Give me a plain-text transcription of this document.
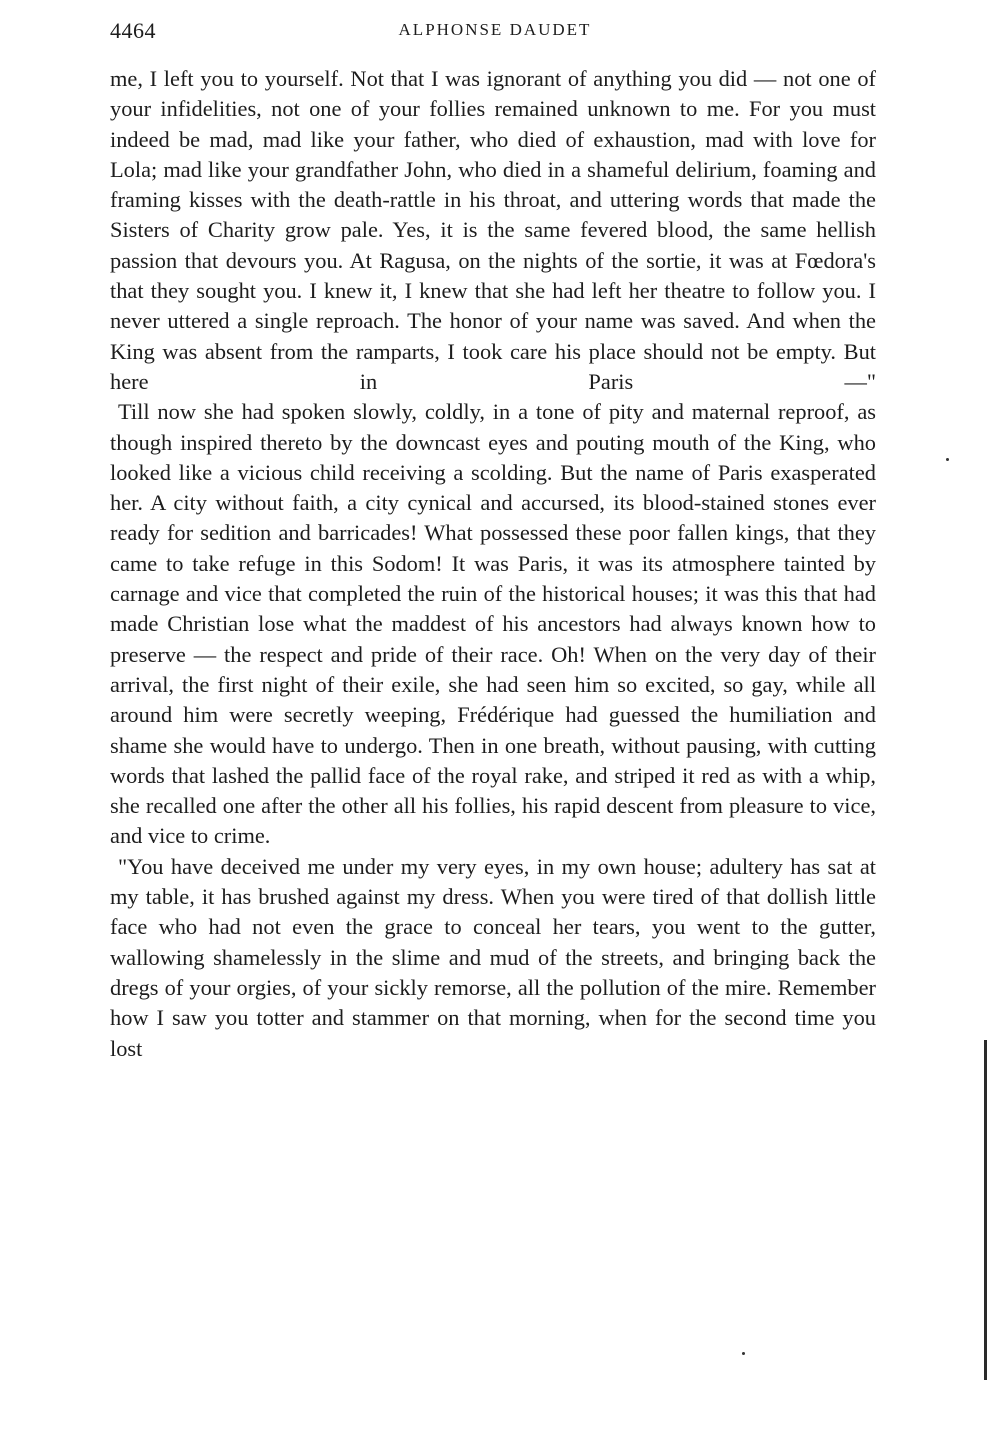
4464	ALPHONSE DAUDET

me, I left you to yourself. Not that I was ignorant of anything you did — not one of your infidelities, not one of your follies remained unknown to me. For you must indeed be mad, mad like your father, who died of exhaustion, mad with love for Lola; mad like your grandfather John, who died in a shameful delirium, foaming and framing kisses with the death-rattle in his throat, and uttering words that made the Sisters of Charity grow pale. Yes, it is the same fevered blood, the same hellish passion that devours you. At Ragusa, on the nights of the sortie, it was at Fœdora's that they sought you. I knew it, I knew that she had left her theatre to follow you. I never uttered a single reproach. The honor of your name was saved. And when the King was absent from the ramparts, I took care his place should not be empty. But here in Paris —"

Till now she had spoken slowly, coldly, in a tone of pity and maternal reproof, as though inspired thereto by the downcast eyes and pouting mouth of the King, who looked like a vicious child receiving a scolding. But the name of Paris exasperated her. A city without faith, a city cynical and accursed, its blood-stained stones ever ready for sedition and barricades! What possessed these poor fallen kings, that they came to take refuge in this Sodom! It was Paris, it was its atmosphere tainted by carnage and vice that completed the ruin of the historical houses; it was this that had made Christian lose what the maddest of his ancestors had always known how to preserve — the respect and pride of their race. Oh! When on the very day of their arrival, the first night of their exile, she had seen him so excited, so gay, while all around him were secretly weeping, Frédérique had guessed the humiliation and shame she would have to undergo. Then in one breath, without pausing, with cutting words that lashed the pallid face of the royal rake, and striped it red as with a whip, she recalled one after the other all his follies, his rapid descent from pleasure to vice, and vice to crime.

"You have deceived me under my very eyes, in my own house; adultery has sat at my table, it has brushed against my dress. When you were tired of that dollish little face who had not even the grace to conceal her tears, you went to the gutter, wallowing shamelessly in the slime and mud of the streets, and bringing back the dregs of your orgies, of your sickly remorse, all the pollution of the mire. Remember how I saw you totter and stammer on that morning, when for the second time you lost
